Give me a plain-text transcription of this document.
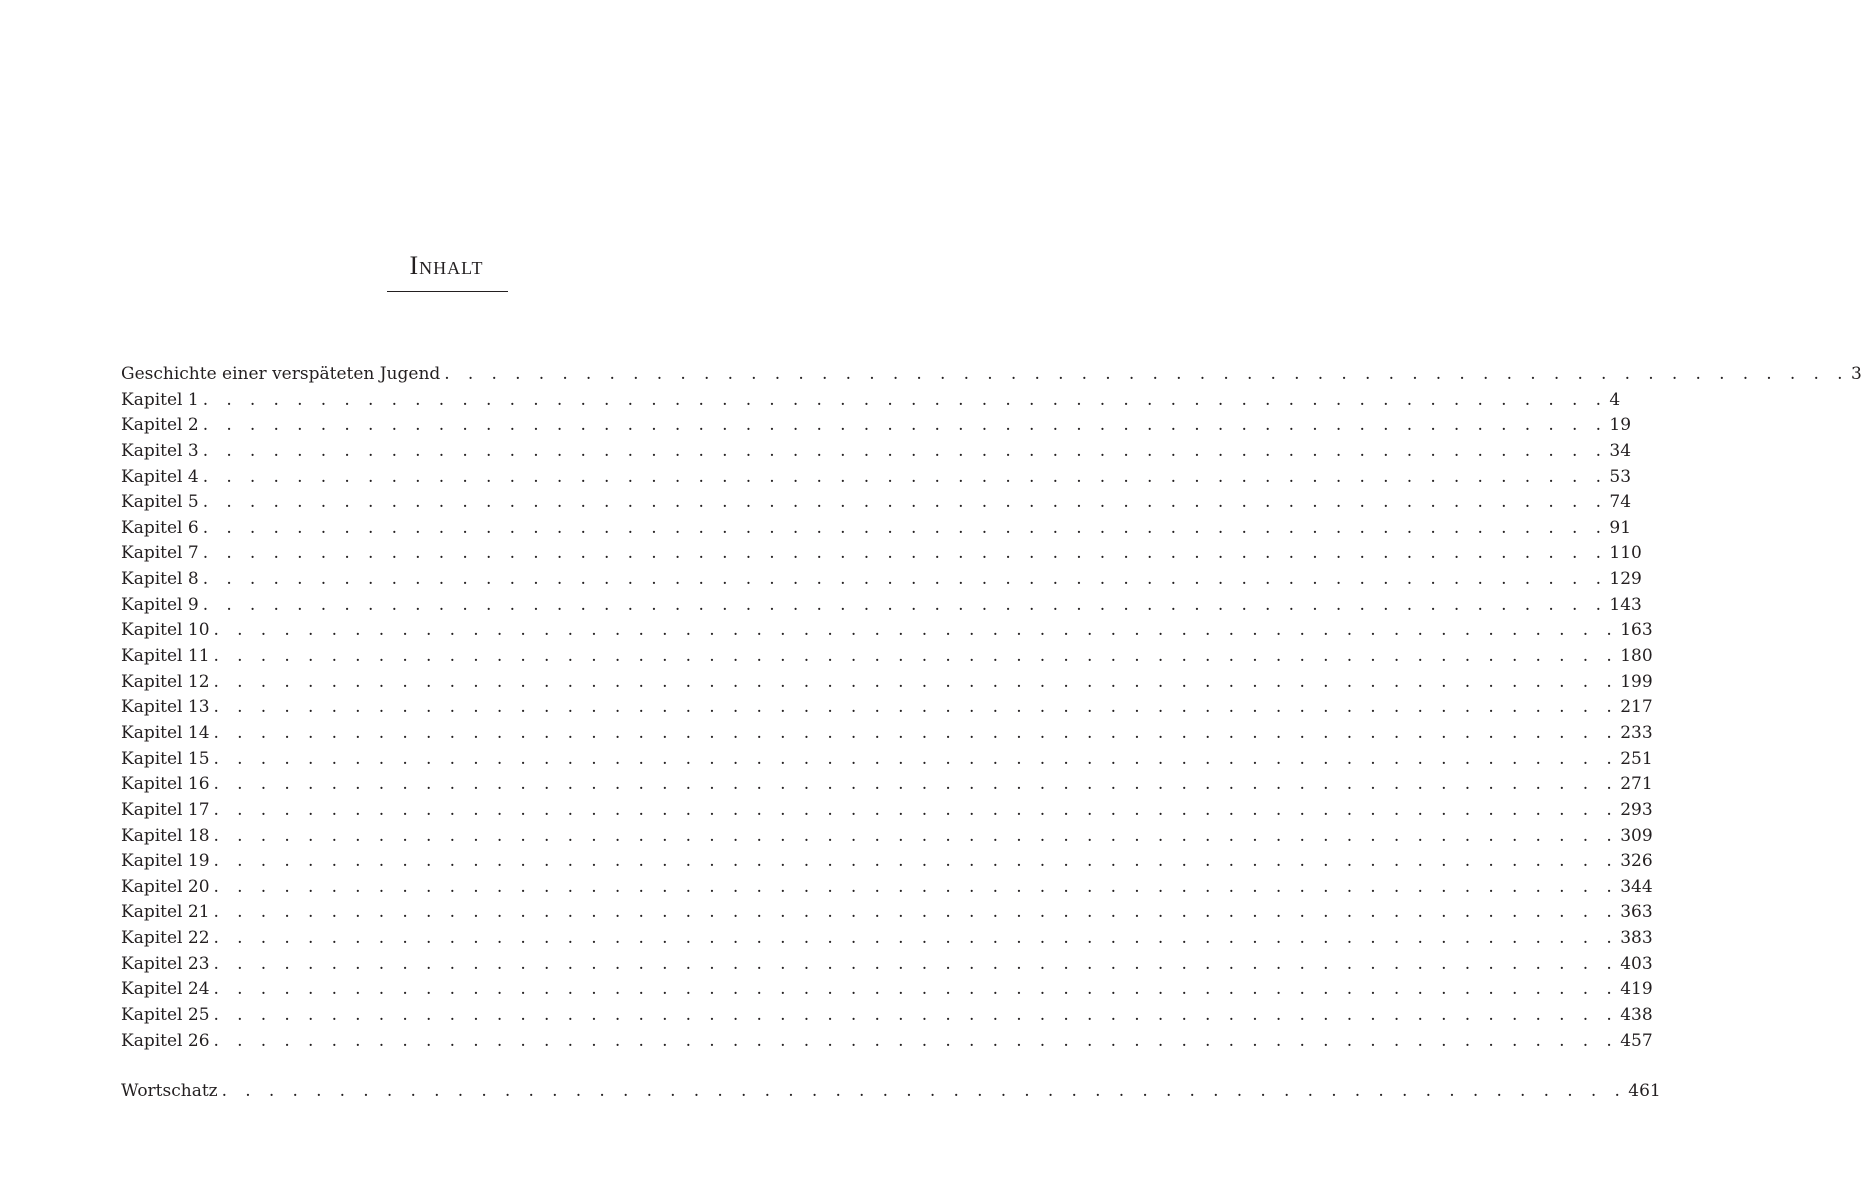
Inhalt
Geschichte einer verspäteten Jugend . . . . . . . . . . . . . . . . . . . . . . . . . . . . . . . . . . . . . . . . . . . . . . . . . . . . . . . . . . . . 3
Kapitel 1 . . . . . . . . . . . . . . . . . . . . . . . . . . . . . . . . . . . . . . . . . . . . . . . . . . . . . . . . . . . . 4
Kapitel 2 . . . . . . . . . . . . . . . . . . . . . . . . . . . . . . . . . . . . . . . . . . . . . . . . . . . . . . . . . . . . 19
Kapitel 3 . . . . . . . . . . . . . . . . . . . . . . . . . . . . . . . . . . . . . . . . . . . . . . . . . . . . . . . . . . . . 34
Kapitel 4 . . . . . . . . . . . . . . . . . . . . . . . . . . . . . . . . . . . . . . . . . . . . . . . . . . . . . . . . . . . . 53
Kapitel 5 . . . . . . . . . . . . . . . . . . . . . . . . . . . . . . . . . . . . . . . . . . . . . . . . . . . . . . . . . . . . 74
Kapitel 6 . . . . . . . . . . . . . . . . . . . . . . . . . . . . . . . . . . . . . . . . . . . . . . . . . . . . . . . . . . . . 91
Kapitel 7 . . . . . . . . . . . . . . . . . . . . . . . . . . . . . . . . . . . . . . . . . . . . . . . . . . . . . . . . . . . . 110
Kapitel 8 . . . . . . . . . . . . . . . . . . . . . . . . . . . . . . . . . . . . . . . . . . . . . . . . . . . . . . . . . . . . 129
Kapitel 9 . . . . . . . . . . . . . . . . . . . . . . . . . . . . . . . . . . . . . . . . . . . . . . . . . . . . . . . . . . . . 143
Kapitel 10 . . . . . . . . . . . . . . . . . . . . . . . . . . . . . . . . . . . . . . . . . . . . . . . . . . . . . . . . . . . . 163
Kapitel 11 . . . . . . . . . . . . . . . . . . . . . . . . . . . . . . . . . . . . . . . . . . . . . . . . . . . . . . . . . . . . 180
Kapitel 12 . . . . . . . . . . . . . . . . . . . . . . . . . . . . . . . . . . . . . . . . . . . . . . . . . . . . . . . . . . . . 199
Kapitel 13 . . . . . . . . . . . . . . . . . . . . . . . . . . . . . . . . . . . . . . . . . . . . . . . . . . . . . . . . . . . . 217
Kapitel 14 . . . . . . . . . . . . . . . . . . . . . . . . . . . . . . . . . . . . . . . . . . . . . . . . . . . . . . . . . . . . 233
Kapitel 15 . . . . . . . . . . . . . . . . . . . . . . . . . . . . . . . . . . . . . . . . . . . . . . . . . . . . . . . . . . . . 251
Kapitel 16 . . . . . . . . . . . . . . . . . . . . . . . . . . . . . . . . . . . . . . . . . . . . . . . . . . . . . . . . . . . . 271
Kapitel 17 . . . . . . . . . . . . . . . . . . . . . . . . . . . . . . . . . . . . . . . . . . . . . . . . . . . . . . . . . . . . 293
Kapitel 18 . . . . . . . . . . . . . . . . . . . . . . . . . . . . . . . . . . . . . . . . . . . . . . . . . . . . . . . . . . . . 309
Kapitel 19 . . . . . . . . . . . . . . . . . . . . . . . . . . . . . . . . . . . . . . . . . . . . . . . . . . . . . . . . . . . . 326
Kapitel 20 . . . . . . . . . . . . . . . . . . . . . . . . . . . . . . . . . . . . . . . . . . . . . . . . . . . . . . . . . . . . 344
Kapitel 21 . . . . . . . . . . . . . . . . . . . . . . . . . . . . . . . . . . . . . . . . . . . . . . . . . . . . . . . . . . . . 363
Kapitel 22 . . . . . . . . . . . . . . . . . . . . . . . . . . . . . . . . . . . . . . . . . . . . . . . . . . . . . . . . . . . . 383
Kapitel 23 . . . . . . . . . . . . . . . . . . . . . . . . . . . . . . . . . . . . . . . . . . . . . . . . . . . . . . . . . . . . 403
Kapitel 24 . . . . . . . . . . . . . . . . . . . . . . . . . . . . . . . . . . . . . . . . . . . . . . . . . . . . . . . . . . . . 419
Kapitel 25 . . . . . . . . . . . . . . . . . . . . . . . . . . . . . . . . . . . . . . . . . . . . . . . . . . . . . . . . . . . . 438
Kapitel 26 . . . . . . . . . . . . . . . . . . . . . . . . . . . . . . . . . . . . . . . . . . . . . . . . . . . . . . . . . . . . 457
Wortschatz . . . . . . . . . . . . . . . . . . . . . . . . . . . . . . . . . . . . . . . . . . . . . . . . . . . . . . . . . . . . 461
